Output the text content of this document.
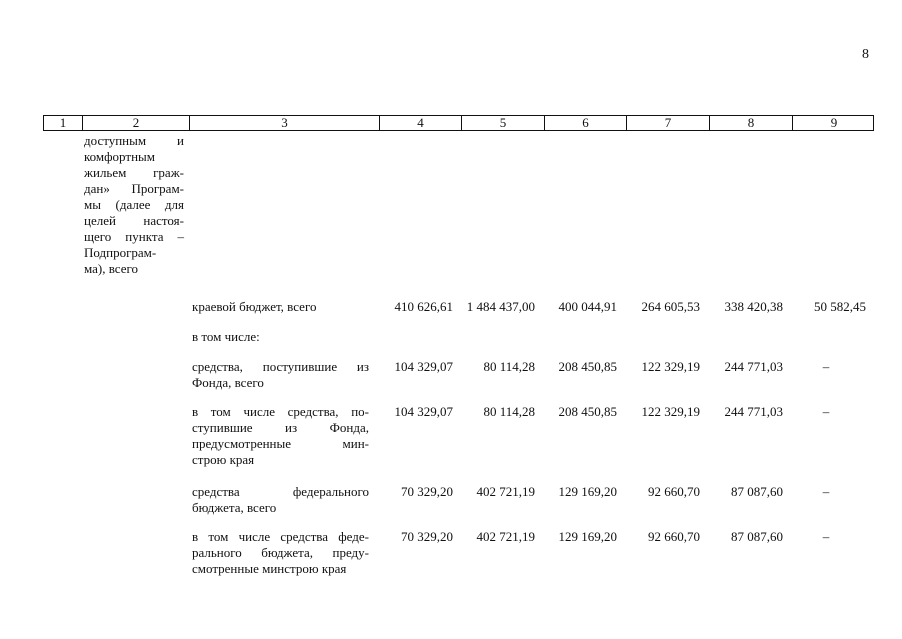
8
1	2	3	4	5	6	7	8	9
доступным и
комфортным
жильем граж-
дан» Програм-
мы (далее для
целей настоя-
щего пункта –
Подпрограм-
ма), всего
краевой бюджет, всего	410 626,61	1 484 437,00	400 044,91	264 605,53	338 420,38	50 582,45
в том числе:
средства, поступившие из
Фонда, всего
104 329,07	80 114,28	208 450,85	122 329,19	244 771,03	–
в том числе средства, по-
ступившие из Фонда,
предусмотренные мин-
строю края
104 329,07	80 114,28	208 450,85	122 329,19	244 771,03	–
средства федерального
бюджета, всего
70 329,20	402 721,19	129 169,20	92 660,70	87 087,60	–
в том числе средства феде-
рального бюджета, преду-
смотренные минстрою края
70 329,20	402 721,19	129 169,20	92 660,70	87 087,60	–
